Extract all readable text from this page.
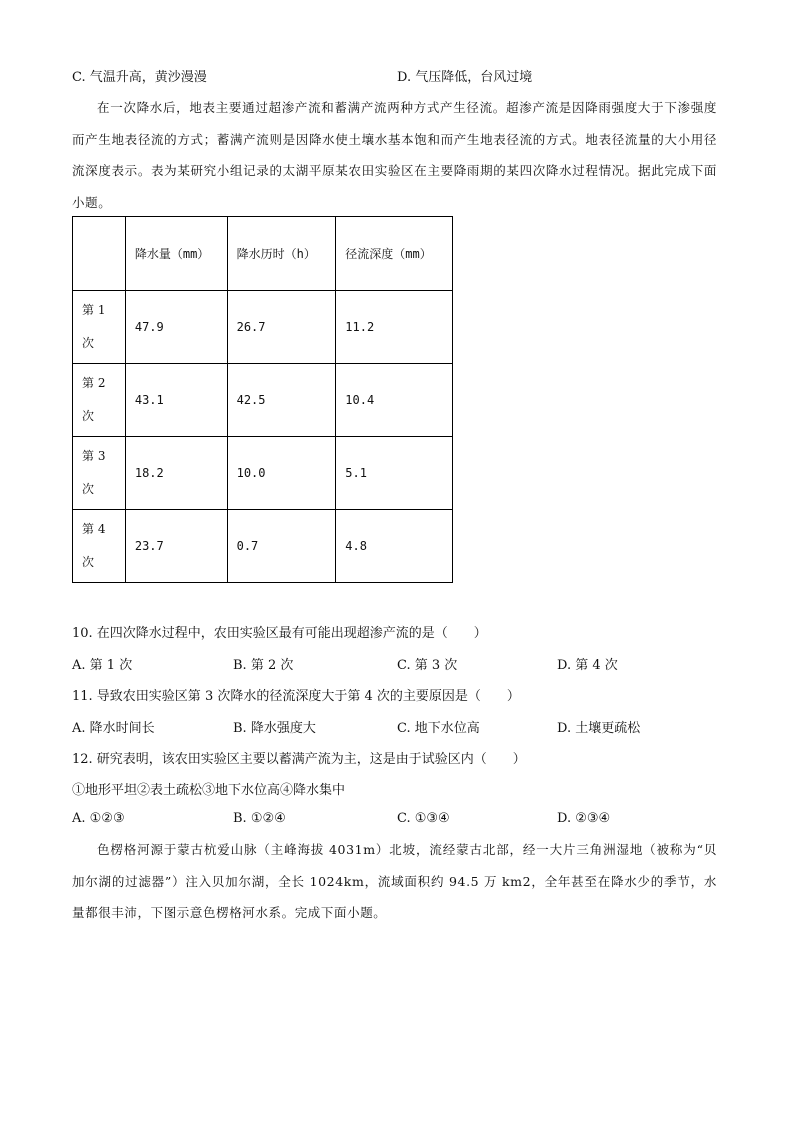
C. 气温升高，黄沙漫漫	D. 气压降低，台风过境
在一次降水后，地表主要通过超渗产流和蓄满产流两种方式产生径流。超渗产流是因降雨强度大于下渗强度而产生地表径流的方式；蓄满产流则是因降水使土壤水基本饱和而产生地表径流的方式。地表径流量的大小用径流深度表示。表为某研究小组记录的太湖平原某农田实验区在主要降雨期的某四次降水过程情况。据此完成下面小题。
	降水量（mm）	降水历时（h）	径流深度（mm）
第 1
次	47.9	26.7	11.2
第 2
次	43.1	42.5	10.4
第 3
次	18.2	10.0	5.1
第 4
次	23.7	0.7	4.8
10. 在四次降水过程中，农田实验区最有可能出现超渗产流的是（　　）
A. 第 1 次	B. 第 2 次	C. 第 3 次	D. 第 4 次
11. 导致农田实验区第 3 次降水的径流深度大于第 4 次的主要原因是（　　）
A. 降水时间长	B. 降水强度大	C. 地下水位高	D. 土壤更疏松
12. 研究表明，该农田实验区主要以蓄满产流为主，这是由于试验区内（　　）
①地形平坦②表土疏松③地下水位高④降水集中
A. ①②③	B. ①②④	C. ①③④	D. ②③④
色楞格河源于蒙古杭爱山脉（主峰海拔 4031m）北坡，流经蒙古北部，经一大片三角洲湿地（被称为“贝加尔湖的过滤器”）注入贝加尔湖，全长 1024km，流域面积约 94.5 万 km2，全年甚至在降水少的季节，水量都很丰沛，下图示意色楞格河水系。完成下面小题。
